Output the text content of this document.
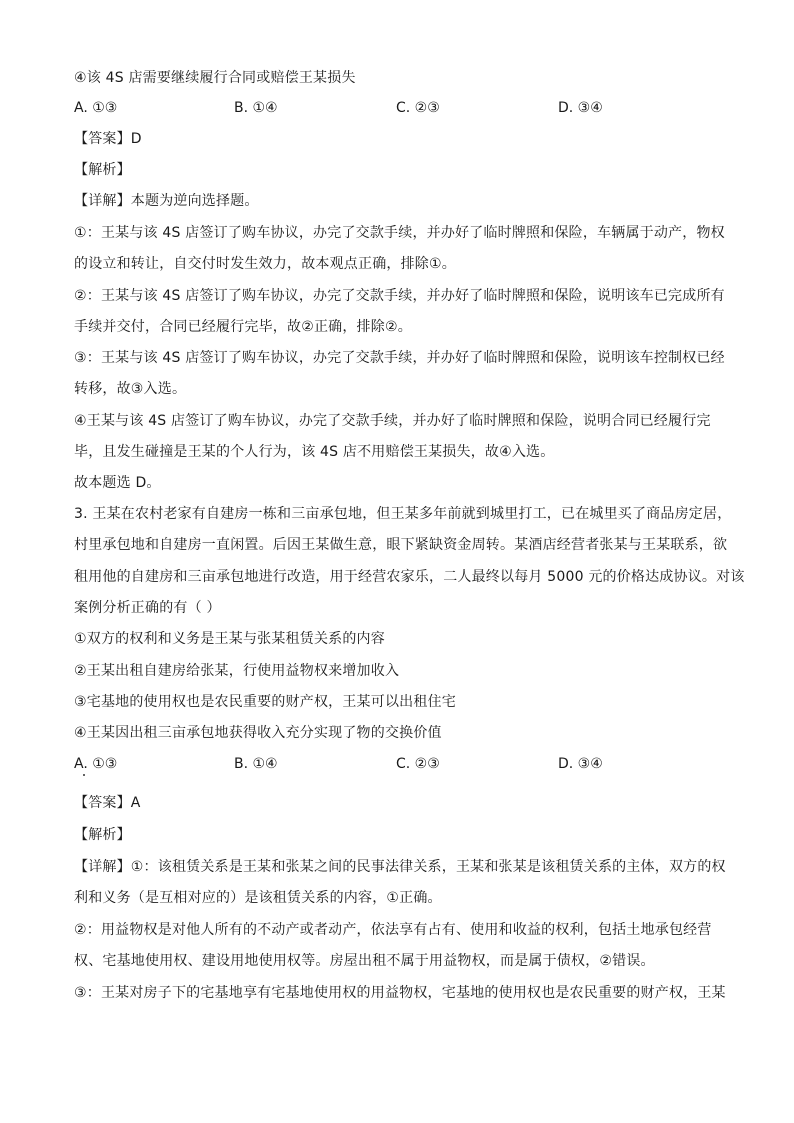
④该 4S 店需要继续履行合同或赔偿王某损失
A. ①③	B. ①④	C. ②③	D. ③④
【答案】D
【解析】
【详解】本题为逆向选择题。
①：王某与该 4S 店签订了购车协议，办完了交款手续，并办好了临时牌照和保险，车辆属于动产，物权
的设立和转让，自交付时发生效力，故本观点正确，排除①。
②：王某与该 4S 店签订了购车协议，办完了交款手续，并办好了临时牌照和保险，说明该车已完成所有
手续并交付，合同已经履行完毕，故②正确，排除②。
③：王某与该 4S 店签订了购车协议，办完了交款手续，并办好了临时牌照和保险，说明该车控制权已经
转移，故③入选。
④王某与该 4S 店签订了购车协议，办完了交款手续，并办好了临时牌照和保险，说明合同已经履行完
毕，且发生碰撞是王某的个人行为，该 4S 店不用赔偿王某损失，故④入选。
故本题选 D。
3. 王某在农村老家有自建房一栋和三亩承包地，但王某多年前就到城里打工，已在城里买了商品房定居，
村里承包地和自建房一直闲置。后因王某做生意，眼下紧缺资金周转。某酒店经营者张某与王某联系，欲
租用他的自建房和三亩承包地进行改造，用于经营农家乐，二人最终以每月 5000 元的价格达成协议。对该
案例分析正确的有（ ）
①双方的权利和义务是王某与张某租赁关系的内容
②王某出租自建房给张某，行使用益物权来增加收入
③宅基地的使用权也是农民重要的财产权，王某可以出租住宅
④王某因出租三亩承包地获得收入充分实现了物的交换价值
A. ①③	B. ①④	C. ②③	D. ③④
【答案】A
【解析】
【详解】①：该租赁关系是王某和张某之间的民事法律关系，王某和张某是该租赁关系的主体，双方的权
利和义务（是互相对应的）是该租赁关系的内容，①正确。
②：用益物权是对他人所有的不动产或者动产，依法享有占有、使用和收益的权利，包括土地承包经营
权、宅基地使用权、建设用地使用权等。房屋出租不属于用益物权，而是属于债权，②错误。
③：王某对房子下的宅基地享有宅基地使用权的用益物权，宅基地的使用权也是农民重要的财产权，王某
